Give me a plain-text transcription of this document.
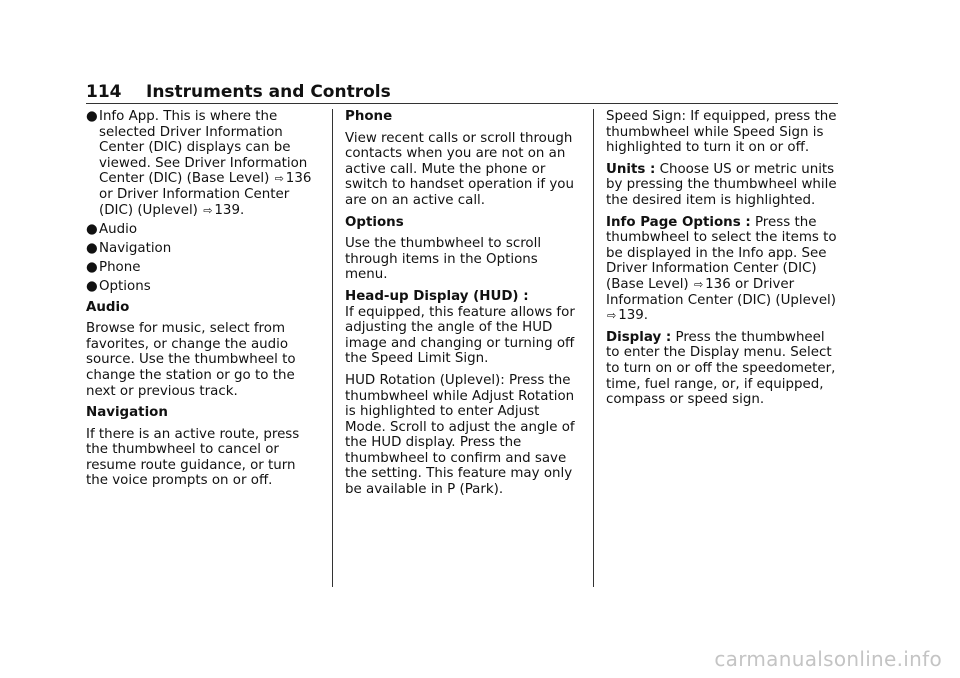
114 Instruments and Controls
● Info App. This is where the selected Driver Information Center (DIC) displays can be viewed. See Driver Information Center (DIC) (Base Level) ⇨ 136 or Driver Information Center (DIC) (Uplevel) ⇨ 139.
● Audio
● Navigation
● Phone
● Options

Audio

Browse for music, select from favorites, or change the audio source. Use the thumbwheel to change the station or go to the next or previous track.

Navigation

If there is an active route, press the thumbwheel to cancel or resume route guidance, or turn the voice prompts on or off.

Phone

View recent calls or scroll through contacts when you are not on an active call. Mute the phone or switch to handset operation if you are on an active call.

Options

Use the thumbwheel to scroll through items in the Options menu.

Head-up Display (HUD) :

If equipped, this feature allows for adjusting the angle of the HUD image and changing or turning off the Speed Limit Sign.

HUD Rotation (Uplevel): Press the thumbwheel while Adjust Rotation is highlighted to enter Adjust Mode. Scroll to adjust the angle of the HUD display. Press the thumbwheel to confirm and save the setting. This feature may only be available in P (Park).

Speed Sign: If equipped, press the thumbwheel while Speed Sign is highlighted to turn it on or off.

Units : Choose US or metric units by pressing the thumbwheel while the desired item is highlighted.

Info Page Options : Press the thumbwheel to select the items to be displayed in the Info app. See Driver Information Center (DIC) (Base Level) ⇨ 136 or Driver Information Center (DIC) (Uplevel) ⇨ 139.

Display : Press the thumbwheel to enter the Display menu. Select to turn on or off the speedometer, time, fuel range, or, if equipped, compass or speed sign.

carmanualsonline.info
